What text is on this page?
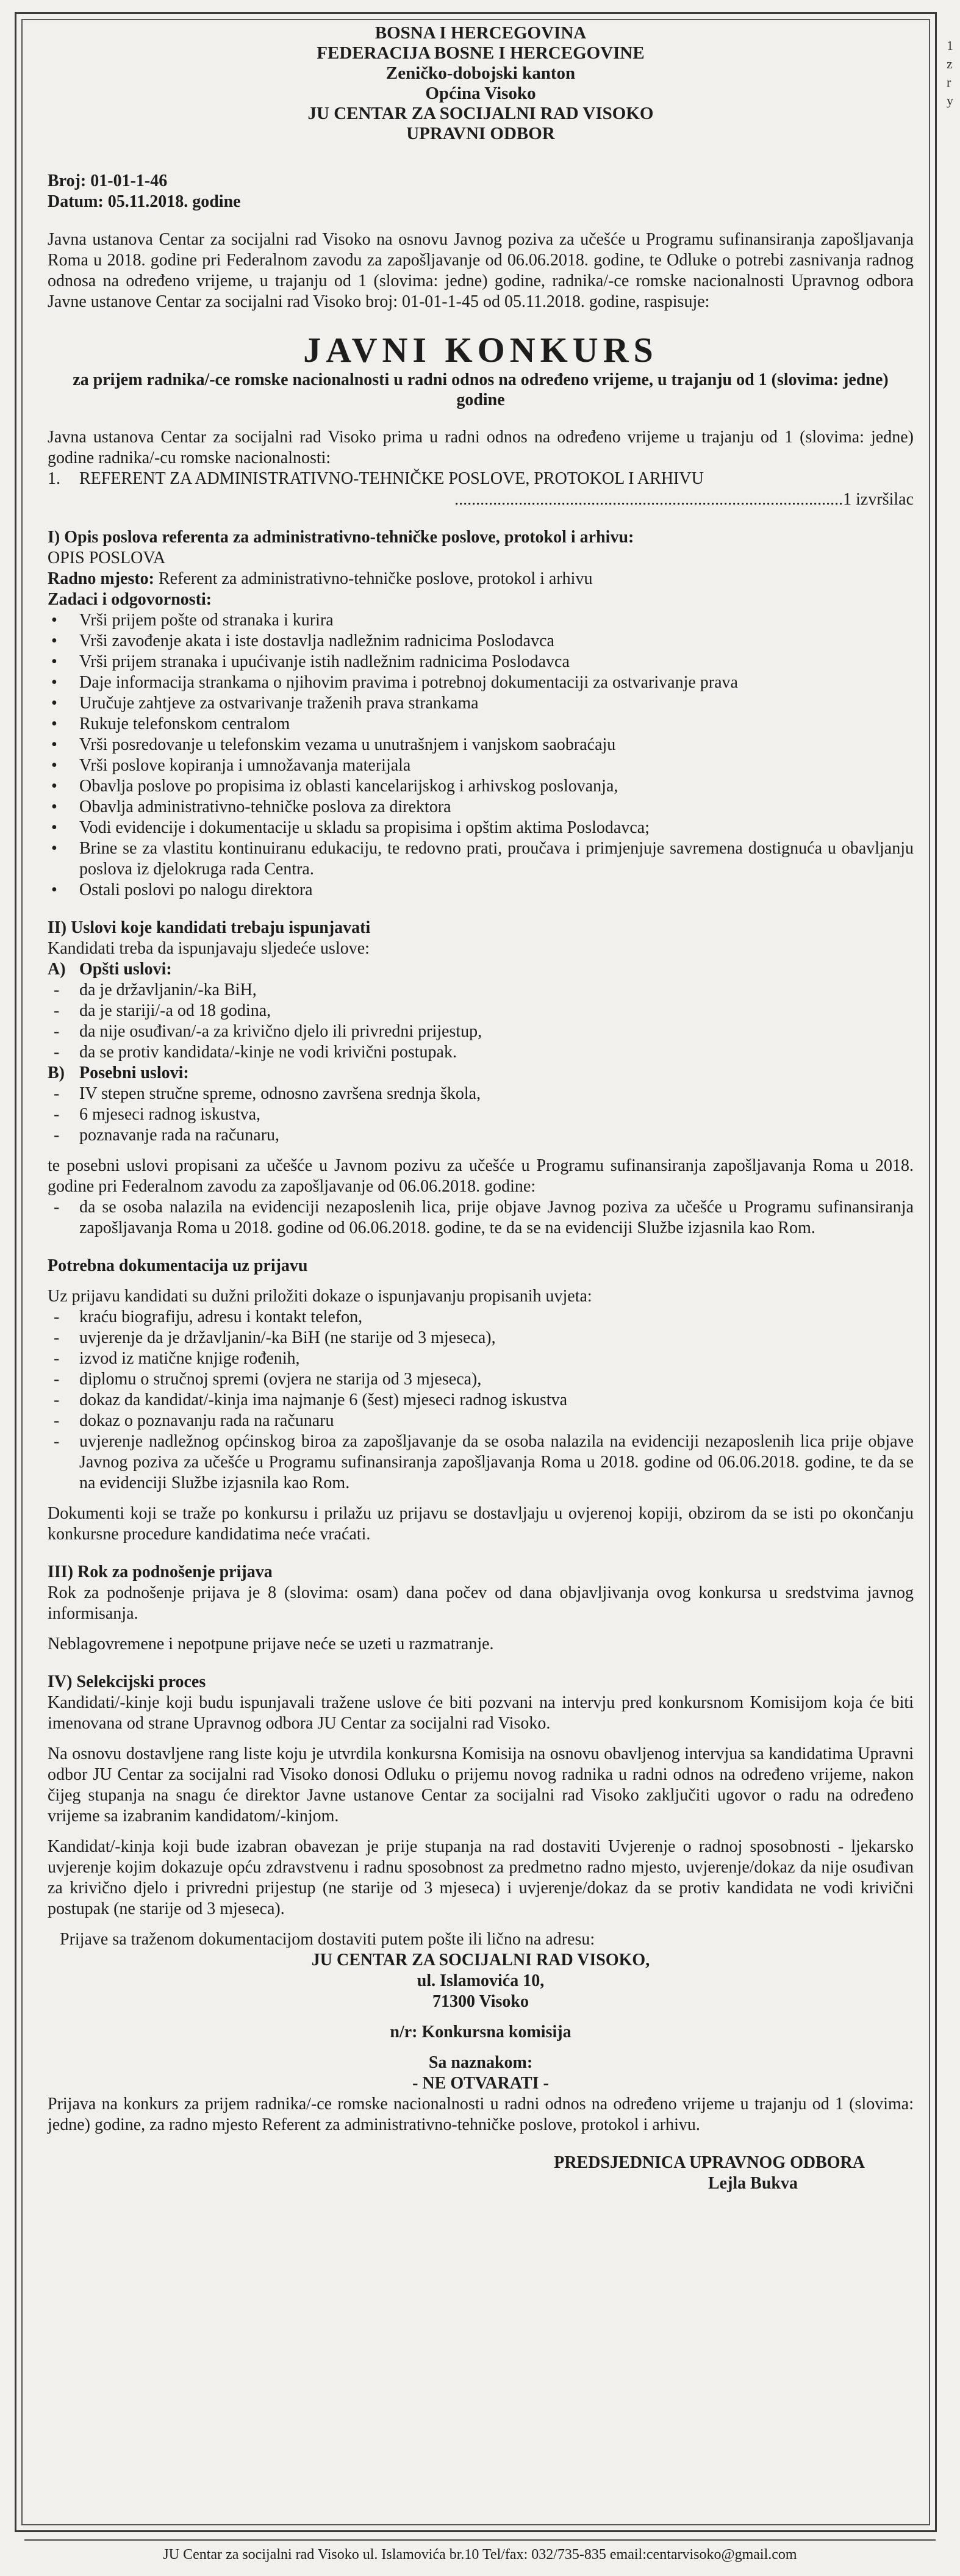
1
z
r
y
BOSNA I HERCEGOVINA
FEDERACIJA BOSNE I HERCEGOVINE
Zeničko-dobojski kanton
Općina Visoko
JU CENTAR ZA SOCIJALNI RAD VISOKO
UPRAVNI ODBOR

Broj: 01-01-1-46

Datum: 05.11.2018. godine

Javna ustanova Centar za socijalni rad Visoko na osnovu Javnog poziva za učešće u Programu sufinansiranja zapošljavanja Roma u 2018. godine pri Federalnom zavodu za zapošljavanje od 06.06.2018. godine, te Odluke o potrebi zasnivanja radnog odnosa na određeno vrijeme, u trajanju od 1 (slovima: jedne) godine, radnika/-ce romske nacionalnosti Upravnog odbora Javne ustanove Centar za socijalni rad Visoko broj: 01-01-1-45 od 05.11.2018. godine, raspisuje:

JAVNI KONKURS
za prijem radnika/-ce romske nacionalnosti u radni odnos na određeno vrijeme, u trajanju od 1 (slovima: jedne) godine

Javna ustanova Centar za socijalni rad Visoko prima u radni odnos na određeno vrijeme u trajanju od 1 (slovima: jedne) godine radnika/-cu romske nacionalnosti:

1.	REFERENT ZA ADMINISTRATIVNO-TEHNIČKE POSLOVE, PROTOKOL I ARHIVU
...........................................................................................1 izvršilac

I) Opis poslova referenta za administrativno-tehničke poslove, protokol i arhivu:

OPIS POSLOVA

Radno mjesto: Referent za administrativno-tehničke poslove, protokol i arhivu

Zadaci i odgovornosti:

• Vrši prijem pošte od stranaka i kurira
• Vrši zavođenje akata i iste dostavlja nadležnim radnicima Poslodavca
• Vrši prijem stranaka i upućivanje istih nadležnim radnicima Poslodavca
• Daje informacija strankama o njihovim pravima i potrebnoj dokumentaciji za ostvarivanje prava
• Uručuje zahtjeve za ostvarivanje traženih prava strankama
• Rukuje telefonskom centralom
• Vrši posredovanje u telefonskim vezama u unutrašnjem i vanjskom saobraćaju
• Vrši poslove kopiranja i umnožavanja materijala
• Obavlja poslove po propisima iz oblasti kancelarijskog i arhivskog poslovanja,
• Obavlja administrativno-tehničke poslova za direktora
• Vodi evidencije i dokumentacije u skladu sa propisima i opštim aktima Poslodavca;
• Brine se za vlastitu kontinuiranu edukaciju, te redovno prati, proučava i primjenjuje savremena dostignuća u obavljanju poslova iz djelokruga rada Centra.
• Ostali poslovi po nalogu direktora

II) Uslovi koje kandidati trebaju ispunjavati

Kandidati treba da ispunjavaju sljedeće uslove:

A) Opšti uslovi:
- da je državljanin/-ka BiH,
- da je stariji/-a od 18 godina,
- da nije osuđivan/-a za krivično djelo ili privredni prijestup,
- da se protiv kandidata/-kinje ne vodi krivični postupak.
B) Posebni uslovi:
- IV stepen stručne spreme, odnosno završena srednja škola,
- 6 mjeseci radnog iskustva,
- poznavanje rada na računaru,

te posebni uslovi propisani za učešće u Javnom pozivu za učešće u Programu sufinansiranja zapošljavanja Roma u 2018. godine pri Federalnom zavodu za zapošljavanje od 06.06.2018. godine:

- da se osoba nalazila na evidenciji nezaposlenih lica, prije objave Javnog poziva za učešće u Programu sufinansiranja zapošljavanja Roma u 2018. godine od 06.06.2018. godine, te da se na evidenciji Službe izjasnila kao Rom.

Potrebna dokumentacija uz prijavu

Uz prijavu kandidati su dužni priložiti dokaze o ispunjavanju propisanih uvjeta:

- kraću biografiju, adresu i kontakt telefon,
- uvjerenje da je državljanin/-ka BiH (ne starije od 3 mjeseca),
- izvod iz matične knjige rođenih,
- diplomu o stručnoj spremi (ovjera ne starija od 3 mjeseca),
- dokaz da kandidat/-kinja ima najmanje 6 (šest) mjeseci radnog iskustva
- dokaz o poznavanju rada na računaru
- uvjerenje nadležnog općinskog biroa za zapošljavanje da se osoba nalazila na evidenciji nezaposlenih lica prije objave Javnog poziva za učešće u Programu sufinansiranja zapošljavanja Roma u 2018. godine od 06.06.2018. godine, te da se na evidenciji Službe izjasnila kao Rom.

Dokumenti koji se traže po konkursu i prilažu uz prijavu se dostavljaju u ovjerenoj kopiji, obzirom da se isti po okončanju konkursne procedure kandidatima neće vraćati.

III) Rok za podnošenje prijava

Rok za podnošenje prijava je 8 (slovima: osam) dana počev od dana objavljivanja ovog konkursa u sredstvima javnog informisanja.

Neblagovremene i nepotpune prijave neće se uzeti u razmatranje.

IV) Selekcijski proces

Kandidati/-kinje koji budu ispunjavali tražene uslove će biti pozvani na intervju pred konkursnom Komisijom koja će biti imenovana od strane Upravnog odbora JU Centar za socijalni rad Visoko.

Na osnovu dostavljene rang liste koju je utvrdila konkursna Komisija na osnovu obavljenog intervjua sa kandidatima Upravni odbor JU Centar za socijalni rad Visoko donosi Odluku o prijemu novog radnika u radni odnos na određeno vrijeme, nakon čijeg stupanja na snagu će direktor Javne ustanove Centar za socijalni rad Visoko zaključiti ugovor o radu na određeno vrijeme sa izabranim kandidatom/-kinjom.

Kandidat/-kinja koji bude izabran obavezan je prije stupanja na rad dostaviti Uvjerenje o radnoj sposobnosti - ljekarsko uvjerenje kojim dokazuje opću zdravstvenu i radnu sposobnost za predmetno radno mjesto, uvjerenje/dokaz da nije osuđivan za krivično djelo i privredni prijestup (ne starije od 3 mjeseca) i uvjerenje/dokaz da se protiv kandidata ne vodi krivični postupak (ne starije od 3 mjeseca).

Prijave sa traženom dokumentacijom dostaviti putem pošte ili lično na adresu:

JU CENTAR ZA SOCIJALNI RAD VISOKO,
ul. Islamovića 10,
71300 Visoko
n/r: Konkursna komisija
Sa naznakom:
- NE OTVARATI -

Prijava na konkurs za prijem radnika/-ce romske nacionalnosti u radni odnos na određeno vrijeme u trajanju od 1 (slovima: jedne) godine, za radno mjesto Referent za administrativno-tehničke poslove, protokol i arhivu.

PREDSJEDNICA UPRAVNOG ODBORA
Lejla Bukva
JU Centar za socijalni rad Visoko ul. Islamovića br.10 Tel/fax: 032/735-835 email:centarvisoko@gmail.com
